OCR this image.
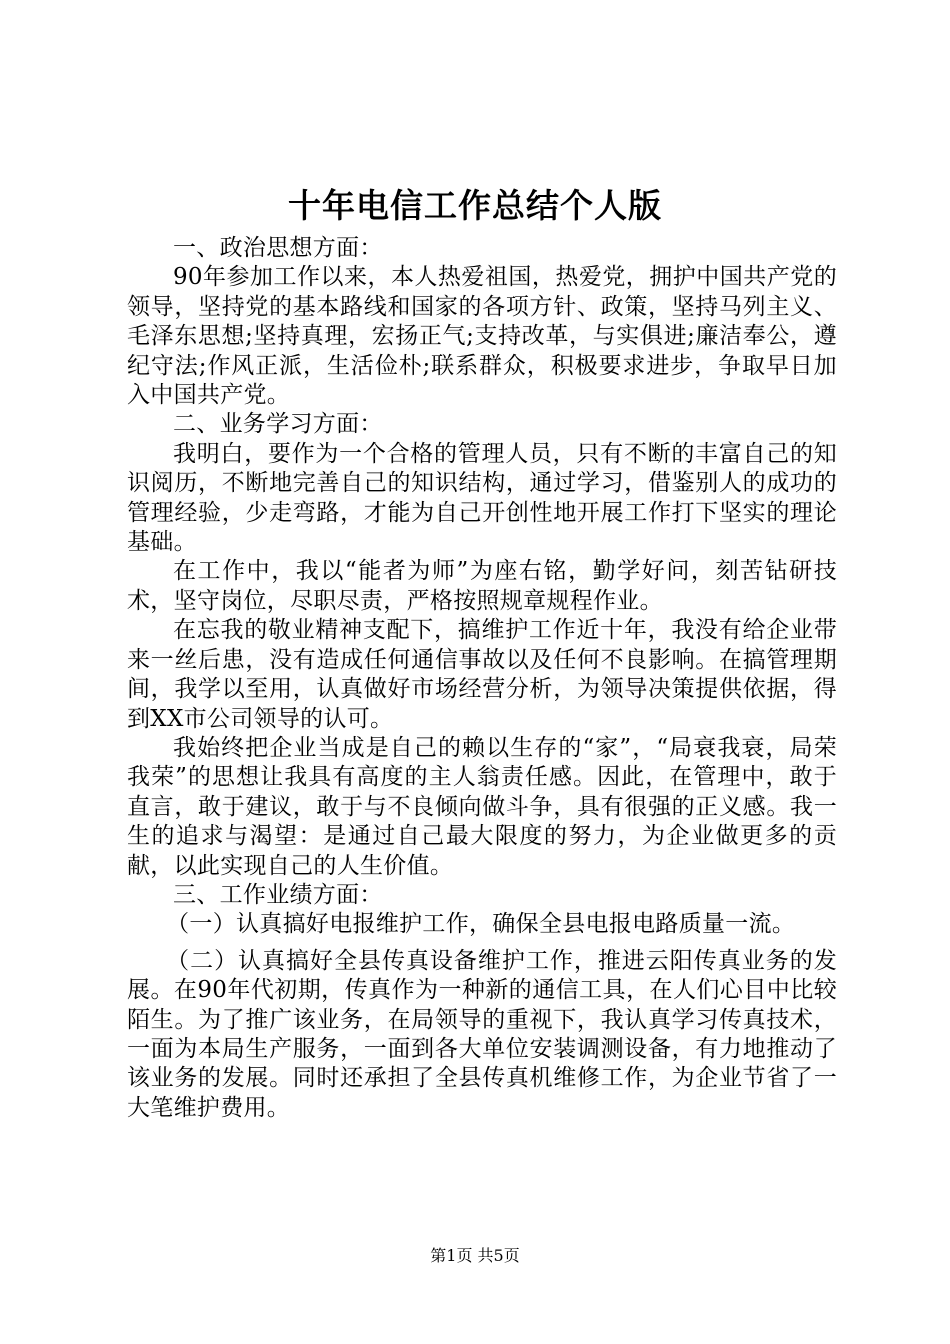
十年电信工作总结个人版

一、政治思想方面：

90年参加工作以来，本人热爱祖国，热爱党，拥护中国共产党的领导，坚持党的基本路线和国家的各项方针、政策，坚持马列主义、毛泽东思想;坚持真理，宏扬正气;支持改革，与实俱进;廉洁奉公，遵纪守法;作风正派，生活俭朴;联系群众，积极要求进步，争取早日加入中国共产党。

二、业务学习方面：

我明白，要作为一个合格的管理人员，只有不断的丰富自己的知识阅历，不断地完善自己的知识结构，通过学习，借鉴别人的成功的管理经验，少走弯路，才能为自己开创性地开展工作打下坚实的理论基础。

在工作中，我以“能者为师”为座右铭，勤学好问，刻苦钻研技术，坚守岗位，尽职尽责，严格按照规章规程作业。

在忘我的敬业精神支配下，搞维护工作近十年，我没有给企业带来一丝后患，没有造成任何通信事故以及任何不良影响。在搞管理期间，我学以至用，认真做好市场经营分析，为领导决策提供依据，得到XX市公司领导的认可。

我始终把企业当成是自己的赖以生存的“家”，“局衰我衰，局荣我荣”的思想让我具有高度的主人翁责任感。因此，在管理中，敢于直言，敢于建议，敢于与不良倾向做斗争，具有很强的正义感。我一生的追求与渴望：是通过自己最大限度的努力，为企业做更多的贡献，以此实现自己的人生价值。

三、工作业绩方面：

（一）认真搞好电报维护工作，确保全县电报电路质量一流。

（二）认真搞好全县传真设备维护工作，推进云阳传真业务的发展。在90年代初期，传真作为一种新的通信工具，在人们心目中比较陌生。为了推广该业务，在局领导的重视下，我认真学习传真技术，一面为本局生产服务，一面到各大单位安装调测设备，有力地推动了该业务的发展。同时还承担了全县传真机维修工作，为企业节省了一大笔维护费用。

第1页 共5页
